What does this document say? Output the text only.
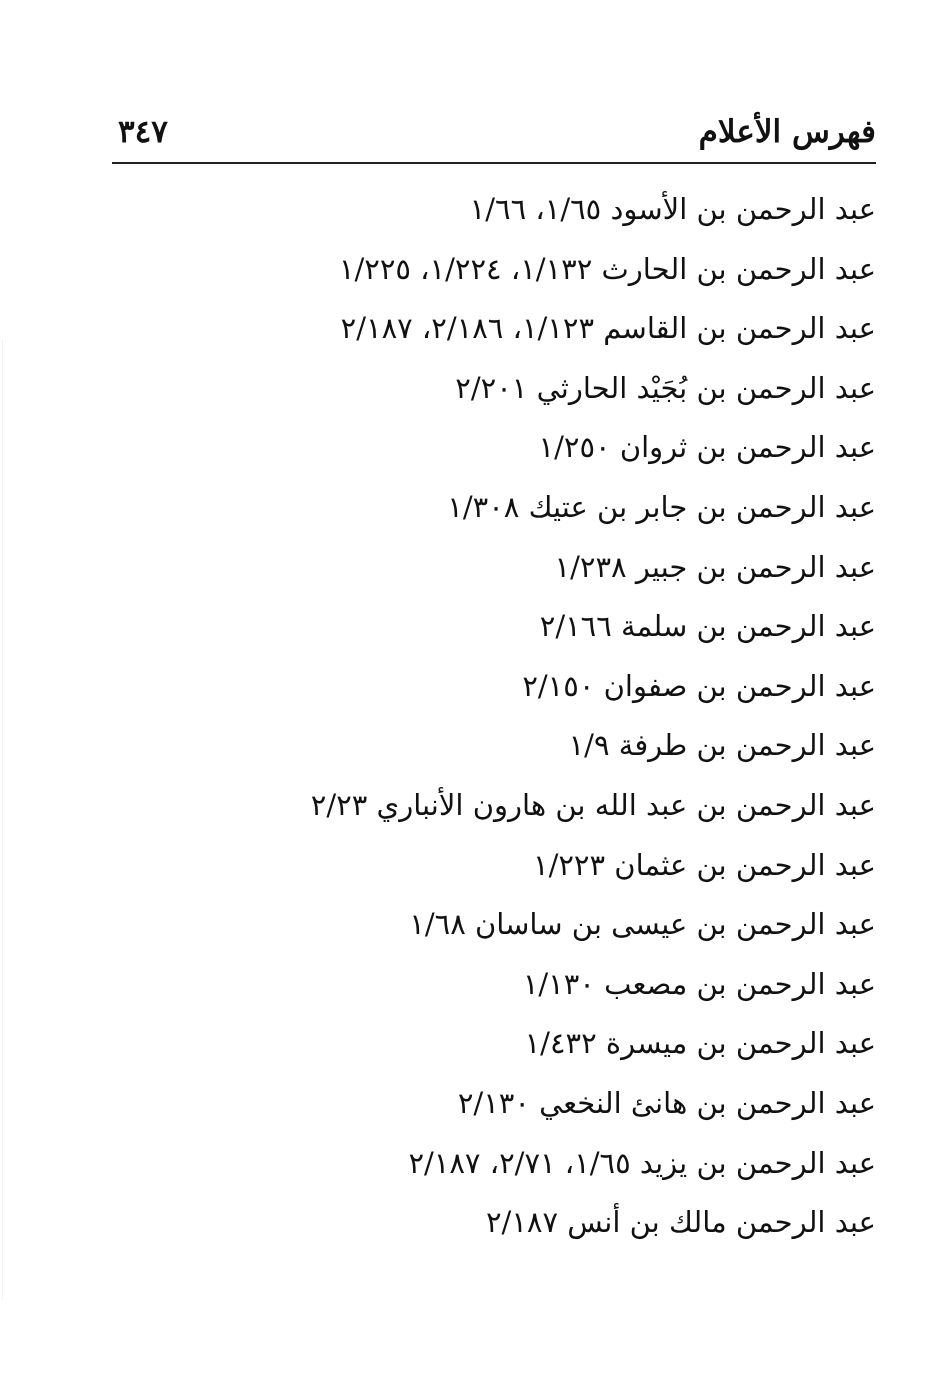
فهرس الأعلام
٣٤٧
عبد الرحمن بن الأسود ١/٦٥، ١/٦٦
عبد الرحمن بن الحارث ١/١٣٢، ١/٢٢٤، ١/٢٢٥
عبد الرحمن بن القاسم ١/١٢٣، ٢/١٨٦، ٢/١٨٧
عبد الرحمن بن بُجَيْد الحارثي ٢/٢٠١
عبد الرحمن بن ثروان ١/٢٥٠
عبد الرحمن بن جابر بن عتيك ١/٣٠٨
عبد الرحمن بن جبير ١/٢٣٨
عبد الرحمن بن سلمة ٢/١٦٦
عبد الرحمن بن صفوان ٢/١٥٠
عبد الرحمن بن طرفة ١/٩
عبد الرحمن بن عبد الله بن هارون الأنباري ٢/٢٣
عبد الرحمن بن عثمان ١/٢٢٣
عبد الرحمن بن عيسى بن ساسان ١/٦٨
عبد الرحمن بن مصعب ١/١٣٠
عبد الرحمن بن ميسرة ١/٤٣٢
عبد الرحمن بن هانئ النخعي ٢/١٣٠
عبد الرحمن بن يزيد ١/٦٥، ٢/٧١، ٢/١٨٧
عبد الرحمن مالك بن أنس ٢/١٨٧
